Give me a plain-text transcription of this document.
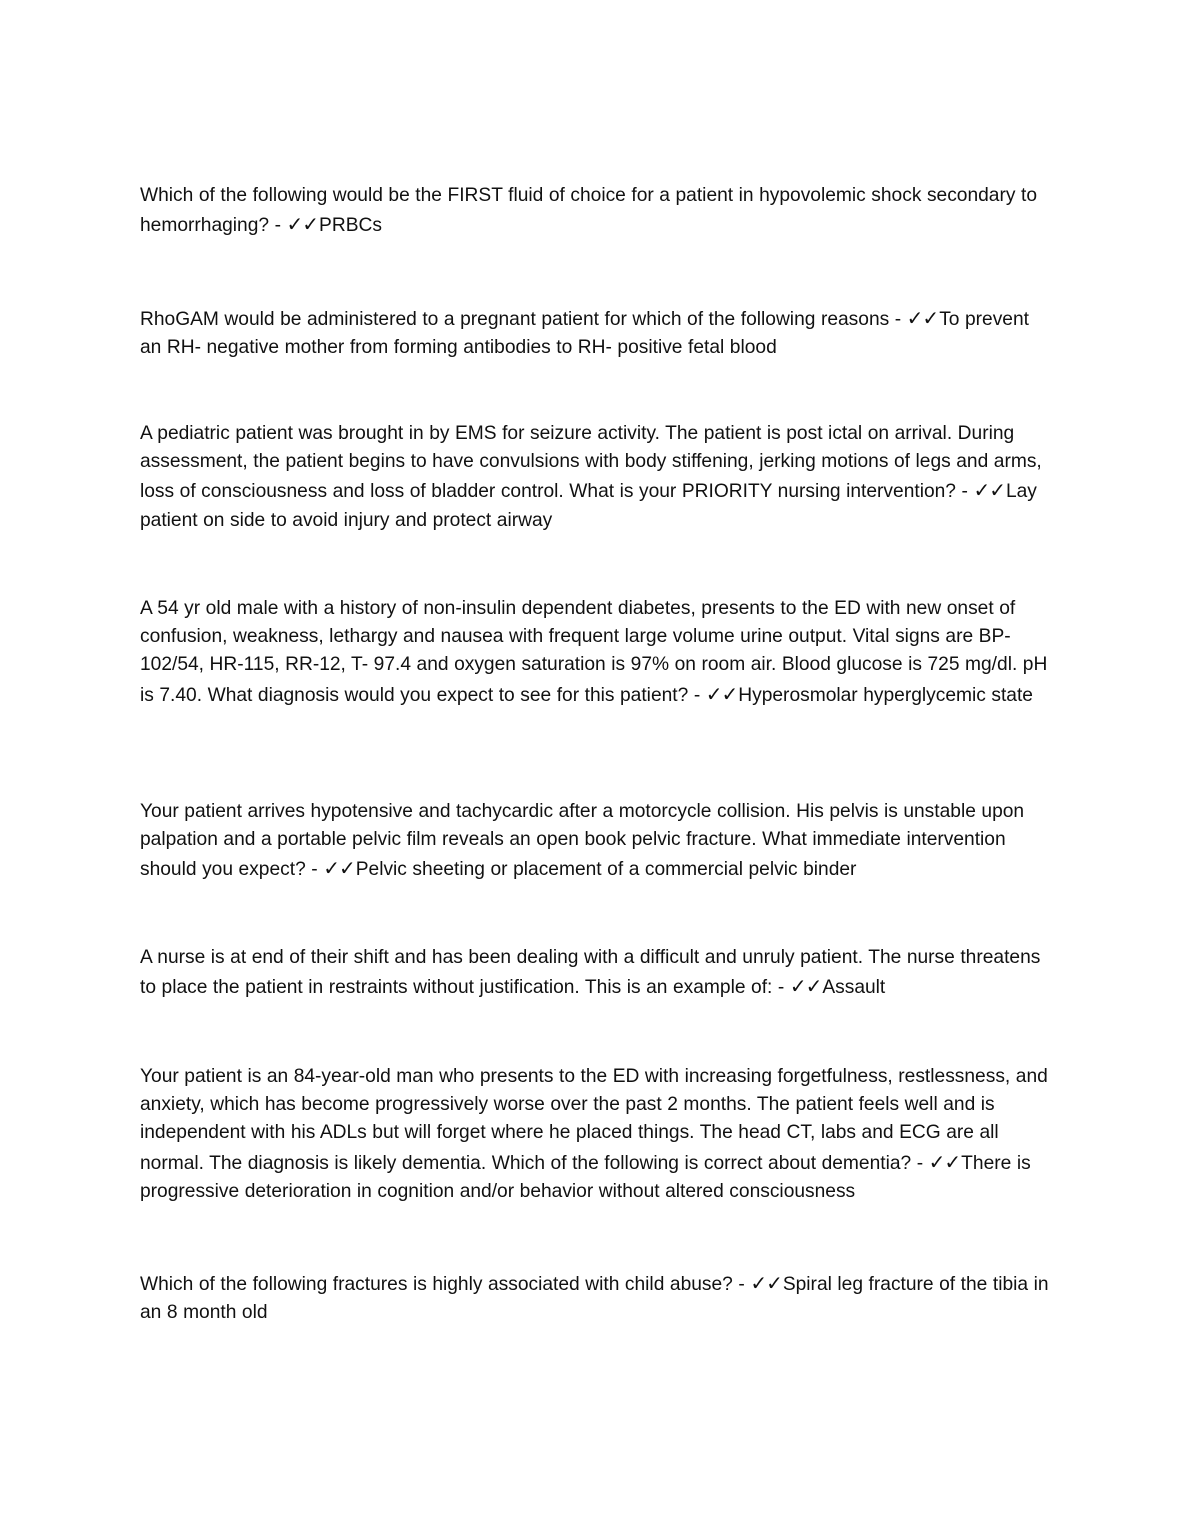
Which of the following would be the FIRST fluid of choice for a patient in hypovolemic shock secondary to hemorrhaging? - ✓✓PRBCs

RhoGAM would be administered to a pregnant patient for which of the following reasons - ✓✓To prevent an RH- negative mother from forming antibodies to RH- positive fetal blood

A pediatric patient was brought in by EMS for seizure activity. The patient is post ictal on arrival. During assessment, the patient begins to have convulsions with body stiffening, jerking motions of legs and arms, loss of consciousness and loss of bladder control. What is your PRIORITY nursing intervention? - ✓✓Lay patient on side to avoid injury and protect airway

A 54 yr old male with a history of non-insulin dependent diabetes, presents to the ED with new onset of confusion, weakness, lethargy and nausea with frequent large volume urine output. Vital signs are BP- 102/54, HR-115, RR-12, T- 97.4 and oxygen saturation is 97% on room air. Blood glucose is 725 mg/dl. pH is 7.40. What diagnosis would you expect to see for this patient? - ✓✓Hyperosmolar hyperglycemic state

Your patient arrives hypotensive and tachycardic after a motorcycle collision. His pelvis is unstable upon palpation and a portable pelvic film reveals an open book pelvic fracture. What immediate intervention should you expect? - ✓✓Pelvic sheeting or placement of a commercial pelvic binder

A nurse is at end of their shift and has been dealing with a difficult and unruly patient. The nurse threatens to place the patient in restraints without justification. This is an example of: - ✓✓Assault

Your patient is an 84-year-old man who presents to the ED with increasing forgetfulness, restlessness, and anxiety, which has become progressively worse over the past 2 months. The patient feels well and is independent with his ADLs but will forget where he placed things. The head CT, labs and ECG are all normal. The diagnosis is likely dementia. Which of the following is correct about dementia? - ✓✓There is progressive deterioration in cognition and/or behavior without altered consciousness

Which of the following fractures is highly associated with child abuse? - ✓✓Spiral leg fracture of the tibia in an 8 month old
